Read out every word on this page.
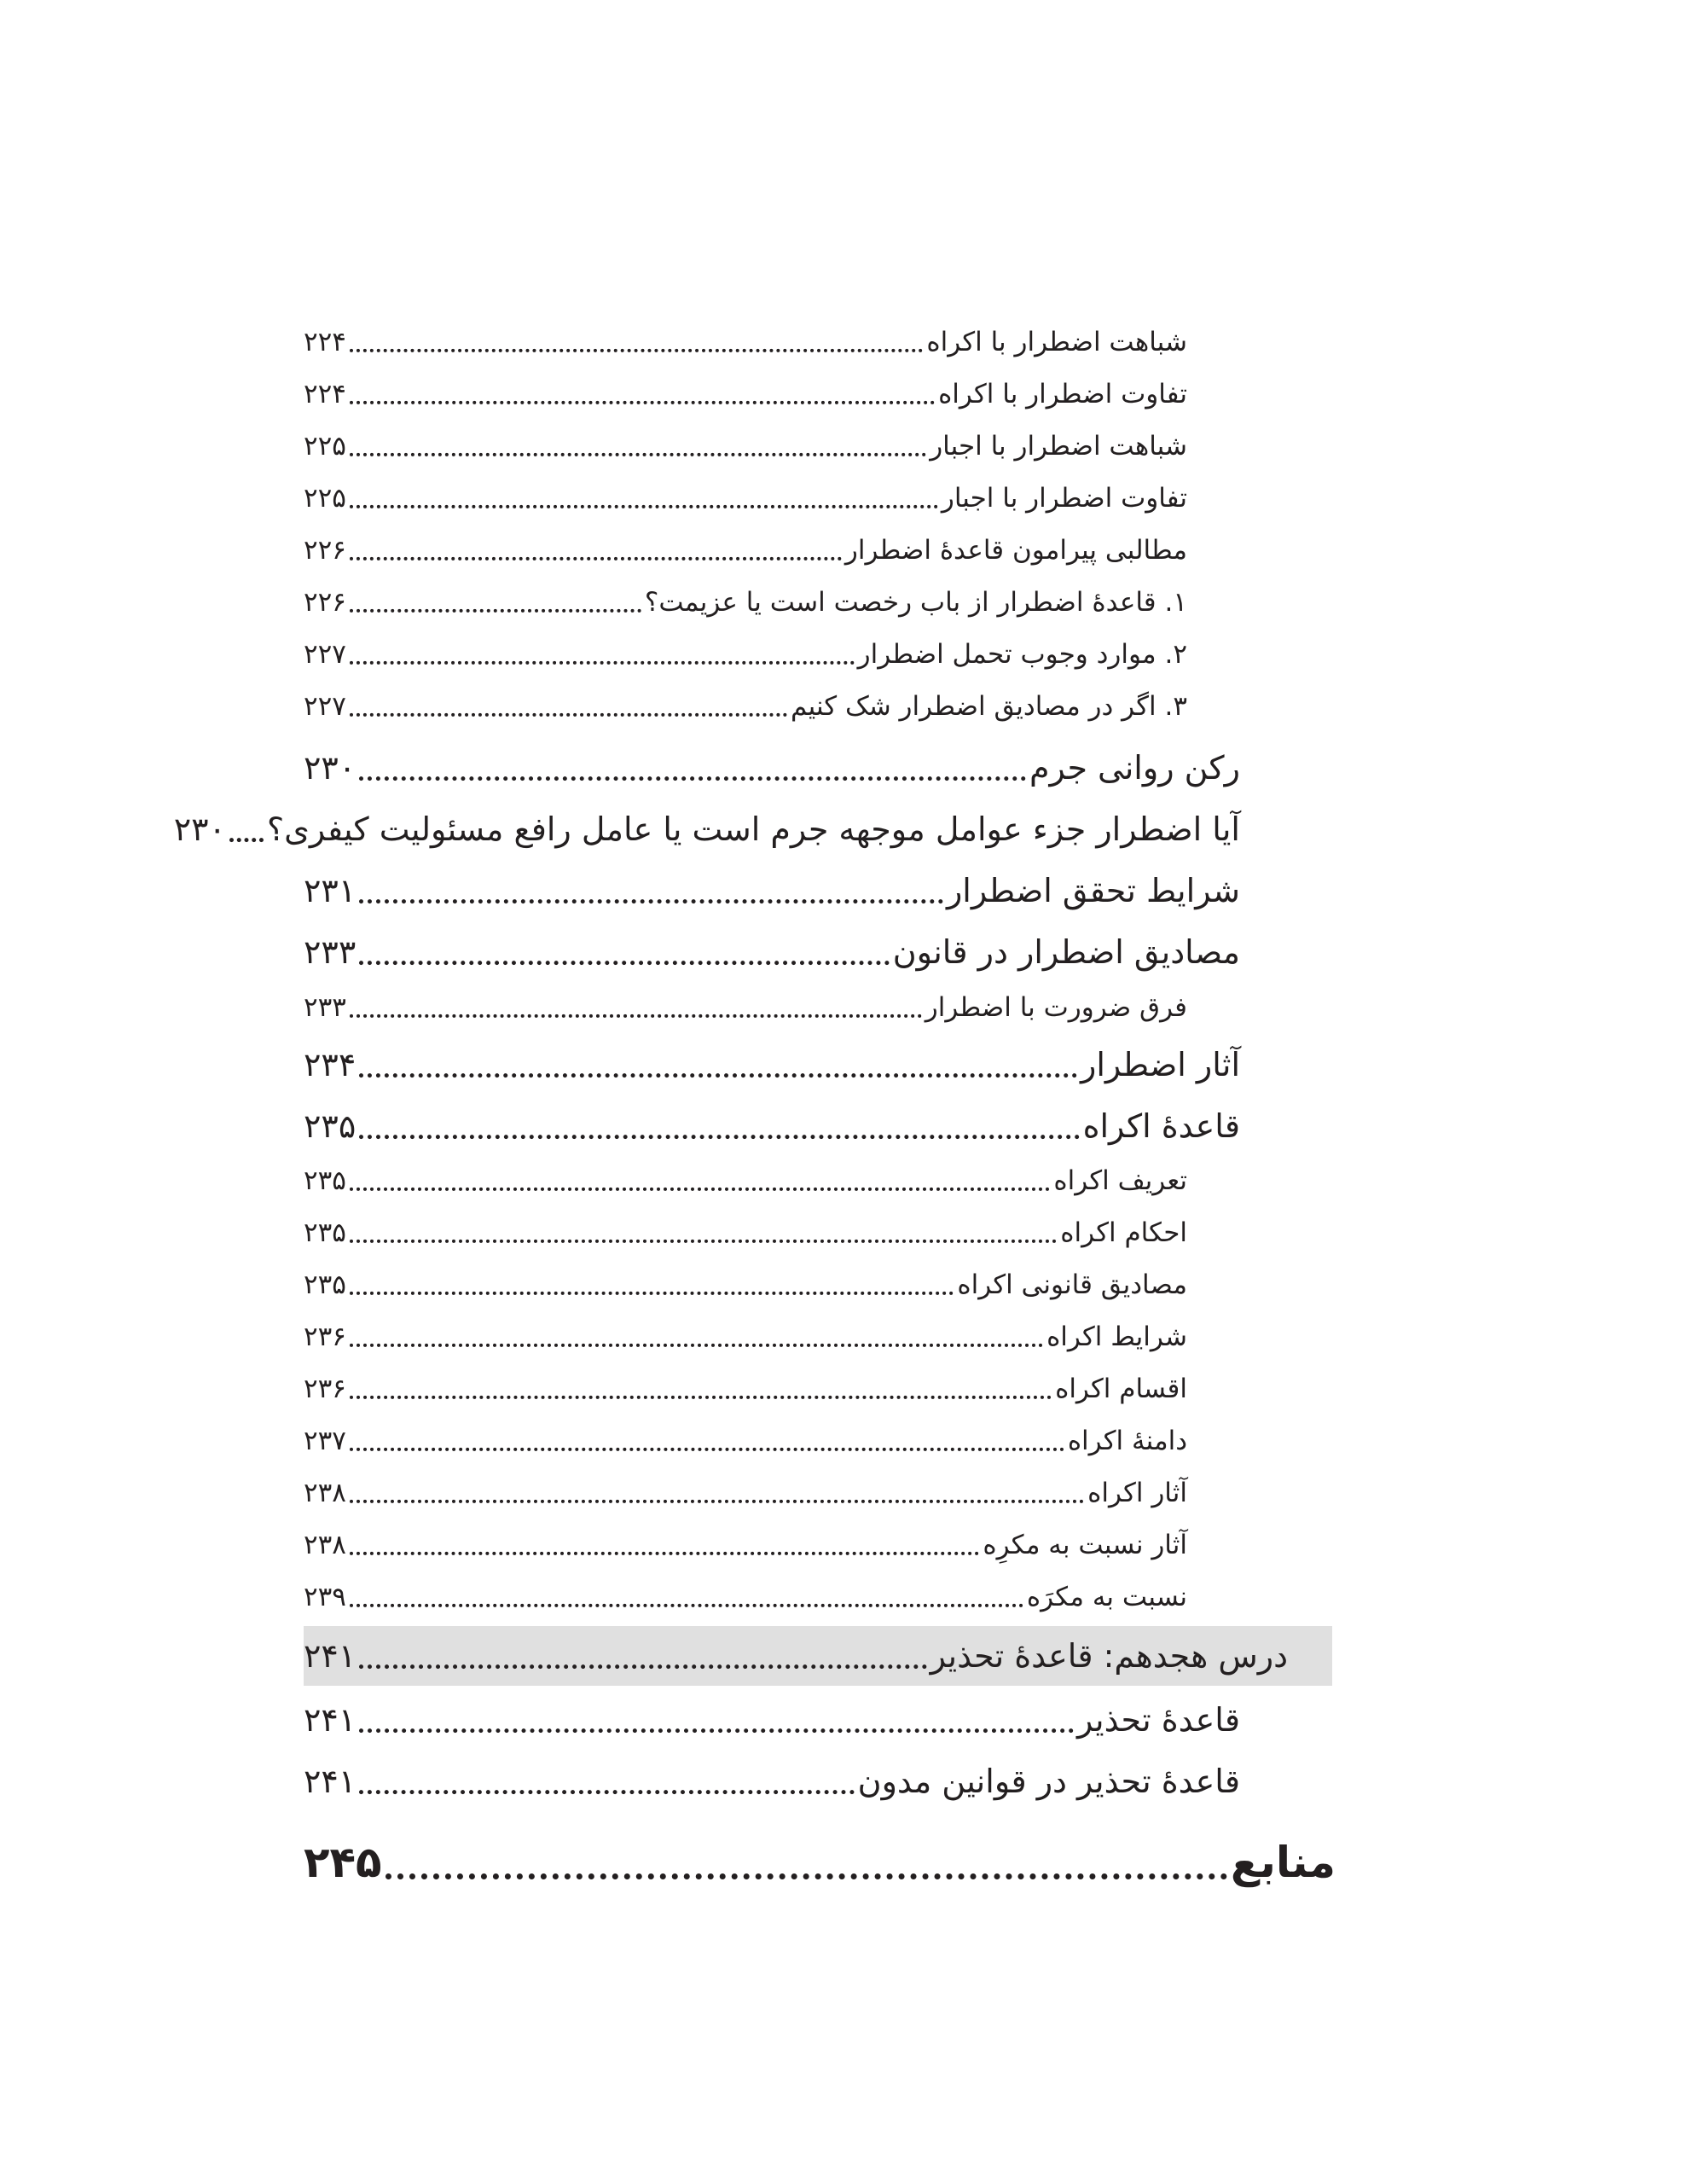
شباهت اضطرار با اکراه
۲۲۴
تفاوت اضطرار با اکراه
۲۲۴
شباهت اضطرار با اجبار
۲۲۵
تفاوت اضطرار با اجبار
۲۲۵
مطالبی پیرامون قاعدۀ اضطرار
۲۲۶
۱. قاعدۀ اضطرار از باب رخصت است یا عزیمت؟
۲۲۶
۲. موارد وجوب تحمل اضطرار
۲۲۷
۳. اگر در مصادیق اضطرار شک کنیم
۲۲۷
رکن روانی جرم
۲۳۰
آیا اضطرار جزء عوامل موجهه جرم است یا عامل رافع مسئولیت کیفری؟
۲۳۰
شرایط تحقق اضطرار
۲۳۱
مصادیق اضطرار در قانون
۲۳۳
فرق ضرورت با اضطرار
۲۳۳
آثار اضطرار
۲۳۴
قاعدۀ اکراه
۲۳۵
تعریف اکراه
۲۳۵
احکام اکراه
۲۳۵
مصادیق قانونی اکراه
۲۳۵
شرایط اکراه
۲۳۶
اقسام اکراه
۲۳۶
دامنۀ اکراه
۲۳۷
آثار اکراه
۲۳۸
آثار نسبت به مکرِه
۲۳۸
نسبت به مکرَه
۲۳۹
درس هجدهم: قاعدۀ تحذیر
۲۴۱
قاعدۀ تحذیر
۲۴۱
قاعدۀ تحذیر در قوانین مدون
۲۴۱
منابع
۲۴۵
